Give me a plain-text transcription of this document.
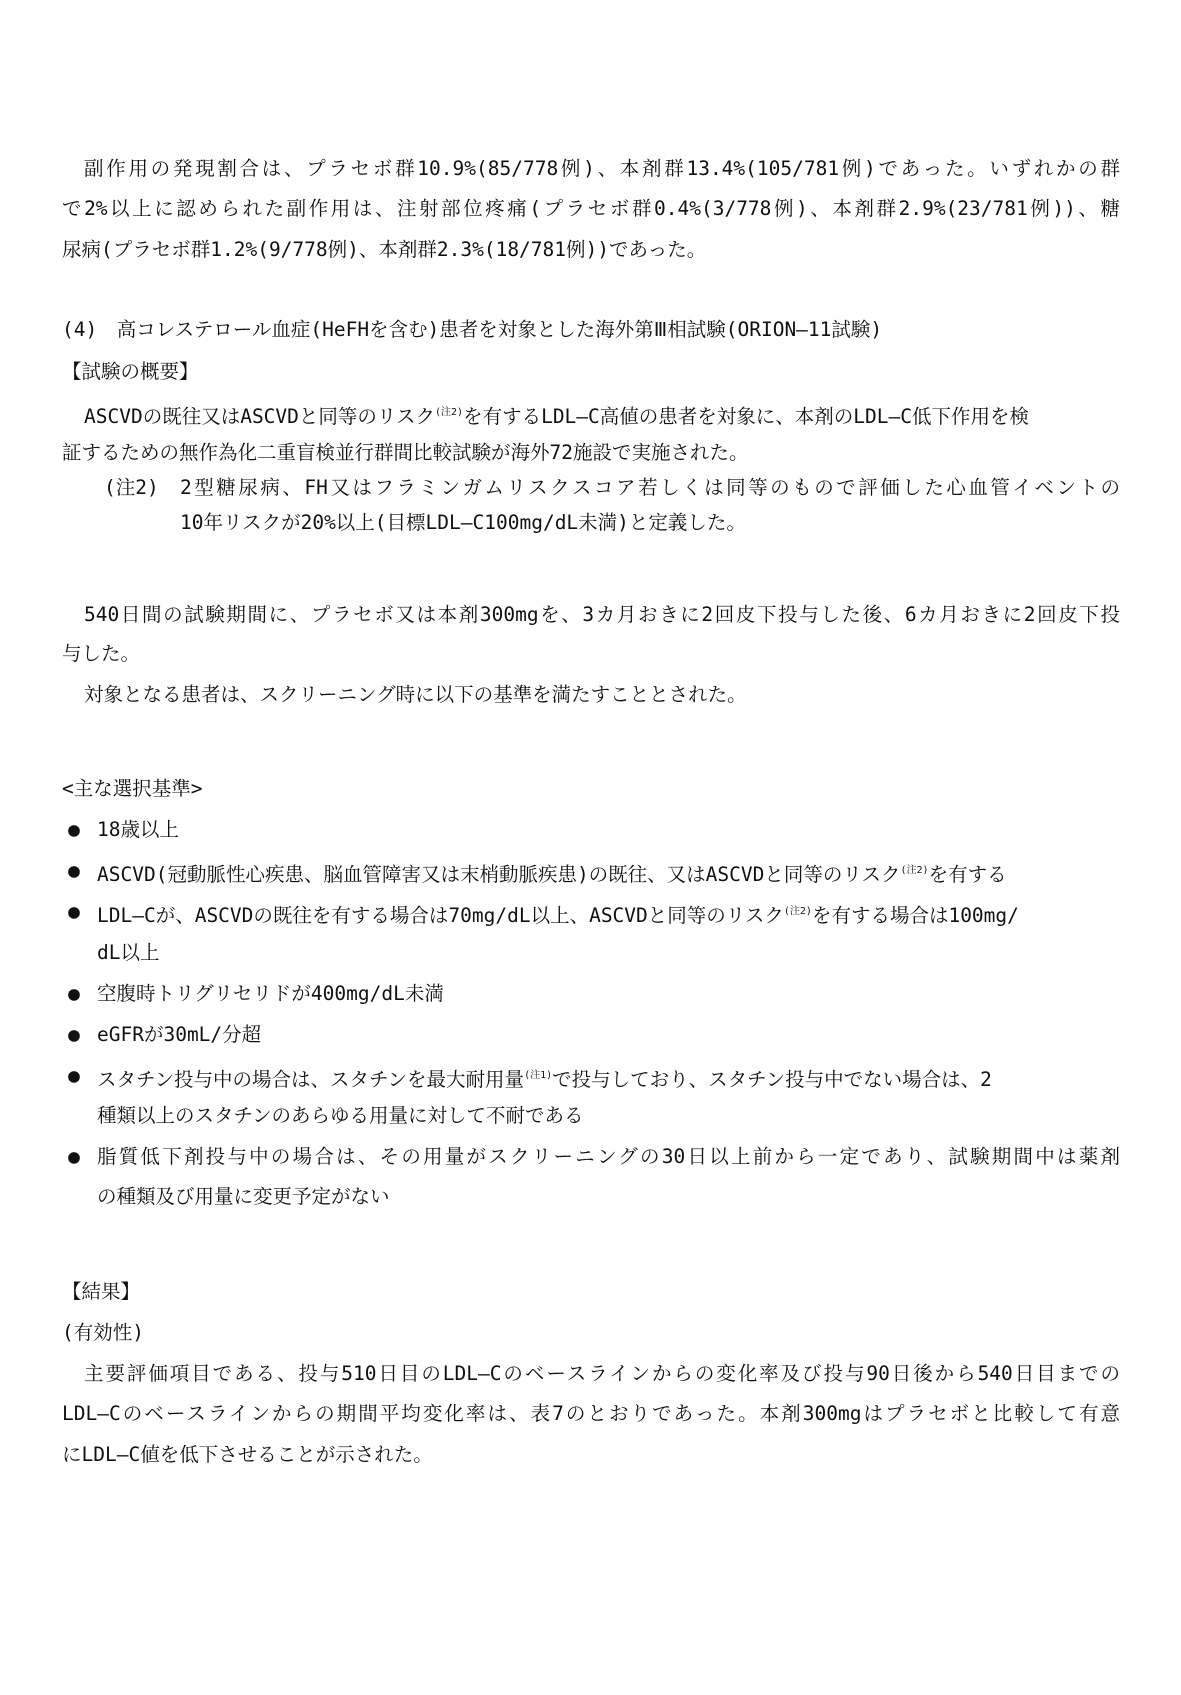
副作用の発現割合は、プラセボ群10.9%(85/778例)、本剤群13.4%(105/781例)であった。いずれかの群
で2%以上に認められた副作用は、注射部位疼痛(プラセボ群0.4%(3/778例)、本剤群2.9%(23/781例))、糖
尿病(プラセボ群1.2%(9/778例)、本剤群2.3%(18/781例))であった。
(4)　高コレステロール血症(HeFHを含む)患者を対象とした海外第Ⅲ相試験(ORION―11試験)
【試験の概要】
ASCVDの既往又はASCVDと同等のリスク$^{(注2)}$を有するLDL―C高値の患者を対象に、本剤のLDL―C低下作用を検
証するための無作為化二重盲検並行群間比較試験が海外72施設で実施された。
(注2) 2型糖尿病、FH又はフラミンガムリスクスコア若しくは同等のもので評価した心血管イベントの
10年リスクが20%以上(目標LDL―C100mg/dL未満)と定義した。
540日間の試験期間に、プラセボ又は本剤300mgを、3カ月おきに2回皮下投与した後、6カ月おきに2回皮下投
与した。
対象となる患者は、スクリーニング時に以下の基準を満たすこととされた。
<主な選択基準>
● 18歳以上
● ASCVD(冠動脈性心疾患、脳血管障害又は末梢動脈疾患)の既往、又はASCVDと同等のリスク$^{(注2)}$を有する
● LDL―Cが、ASCVDの既往を有する場合は70mg/dL以上、ASCVDと同等のリスク$^{(注2)}$を有する場合は100mg/
dL以上
● 空腹時トリグリセリドが400mg/dL未満
● eGFRが30mL/分超
● スタチン投与中の場合は、スタチンを最大耐用量$^{(注1)}$で投与しており、スタチン投与中でない場合は、2
種類以上のスタチンのあらゆる用量に対して不耐である
● 脂質低下剤投与中の場合は、その用量がスクリーニングの30日以上前から一定であり、試験期間中は薬剤
の種類及び用量に変更予定がない
【結果】
(有効性)
主要評価項目である、投与510日目のLDL―Cのベースラインからの変化率及び投与90日後から540日目までの
LDL―Cのベースラインからの期間平均変化率は、表7のとおりであった。本剤300mgはプラセボと比較して有意
にLDL―C値を低下させることが示された。
